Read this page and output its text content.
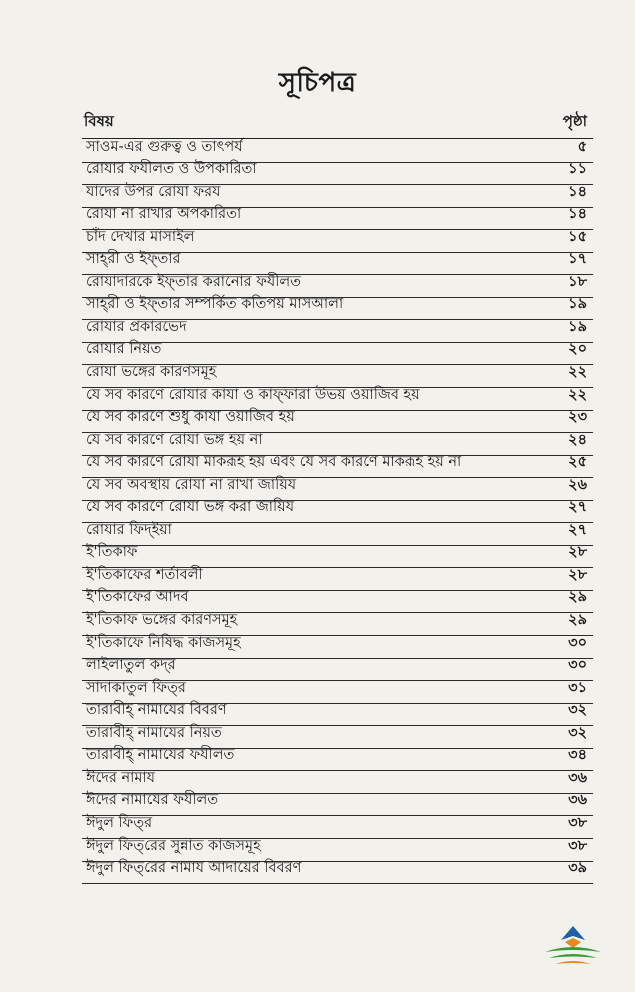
সূচিপত্র
বিষয়	পৃষ্ঠা
সাওম-এর গুরুত্ব ও তাৎপর্য	৫
রোযার ফযীলত ও উপকারিতা	১১
যাদের উপর রোযা ফরয	১৪
রোযা না রাখার অপকারিতা	১৪
চাঁদ দেখার মাসাইল	১৫
সাহ্‌রী ও ইফ্‌তার	১৭
রোযাদারকে ইফ্‌তার করানোর ফযীলত	১৮
সাহ্‌রী ও ইফ্‌তার সম্পর্কিত কতিপয় মাসআলা	১৯
রোযার প্রকারভেদ	১৯
রোযার নিয়ত	২০
রোযা ভঙ্গের কারণসমূহ	২২
যে সব কারণে রোযার কাযা ও কাফ্‌ফারা উভয় ওয়াজিব হয়	২২
যে সব কারণে শুধু কাযা ওয়াজিব হয়	২৩
যে সব কারণে রোযা ভঙ্গ হয় না	২৪
যে সব কারণে রোযা মাকরূহ হয় এবং যে সব কারণে মাকরূহ হয় না	২৫
যে সব অবস্থায় রোযা না রাখা জায়িয	২৬
যে সব কারণে রোযা ভঙ্গ করা জায়িয	২৭
রোযার ফিদ্‌ইয়া	২৭
ই'তিকাফ	২৮
ই'তিকাফের শর্তাবলী	২৮
ই'তিকাফের আদব	২৯
ই'তিকাফ ভঙ্গের কারণসমূহ	২৯
ই'তিকাফে নিষিদ্ধ কাজসমূহ	৩০
লাইলাতুল কদ্‌র	৩০
সাদাকাতুল ফিত্‌র	৩১
তারাবীহ্‌ নামাযের বিবরণ	৩২
তারাবীহ্‌ নামাযের নিয়ত	৩২
তারাবীহ্‌ নামাযের ফযীলত	৩৪
ঈদের নামায	৩৬
ঈদের নামাযের ফযীলত	৩৬
ঈদুল ফিত্‌র	৩৮
ঈদুল ফিত্‌রের সুন্নাত কাজসমূহ	৩৮
ঈদুল ফিত্‌রের নামায আদায়ের বিবরণ	৩৯
